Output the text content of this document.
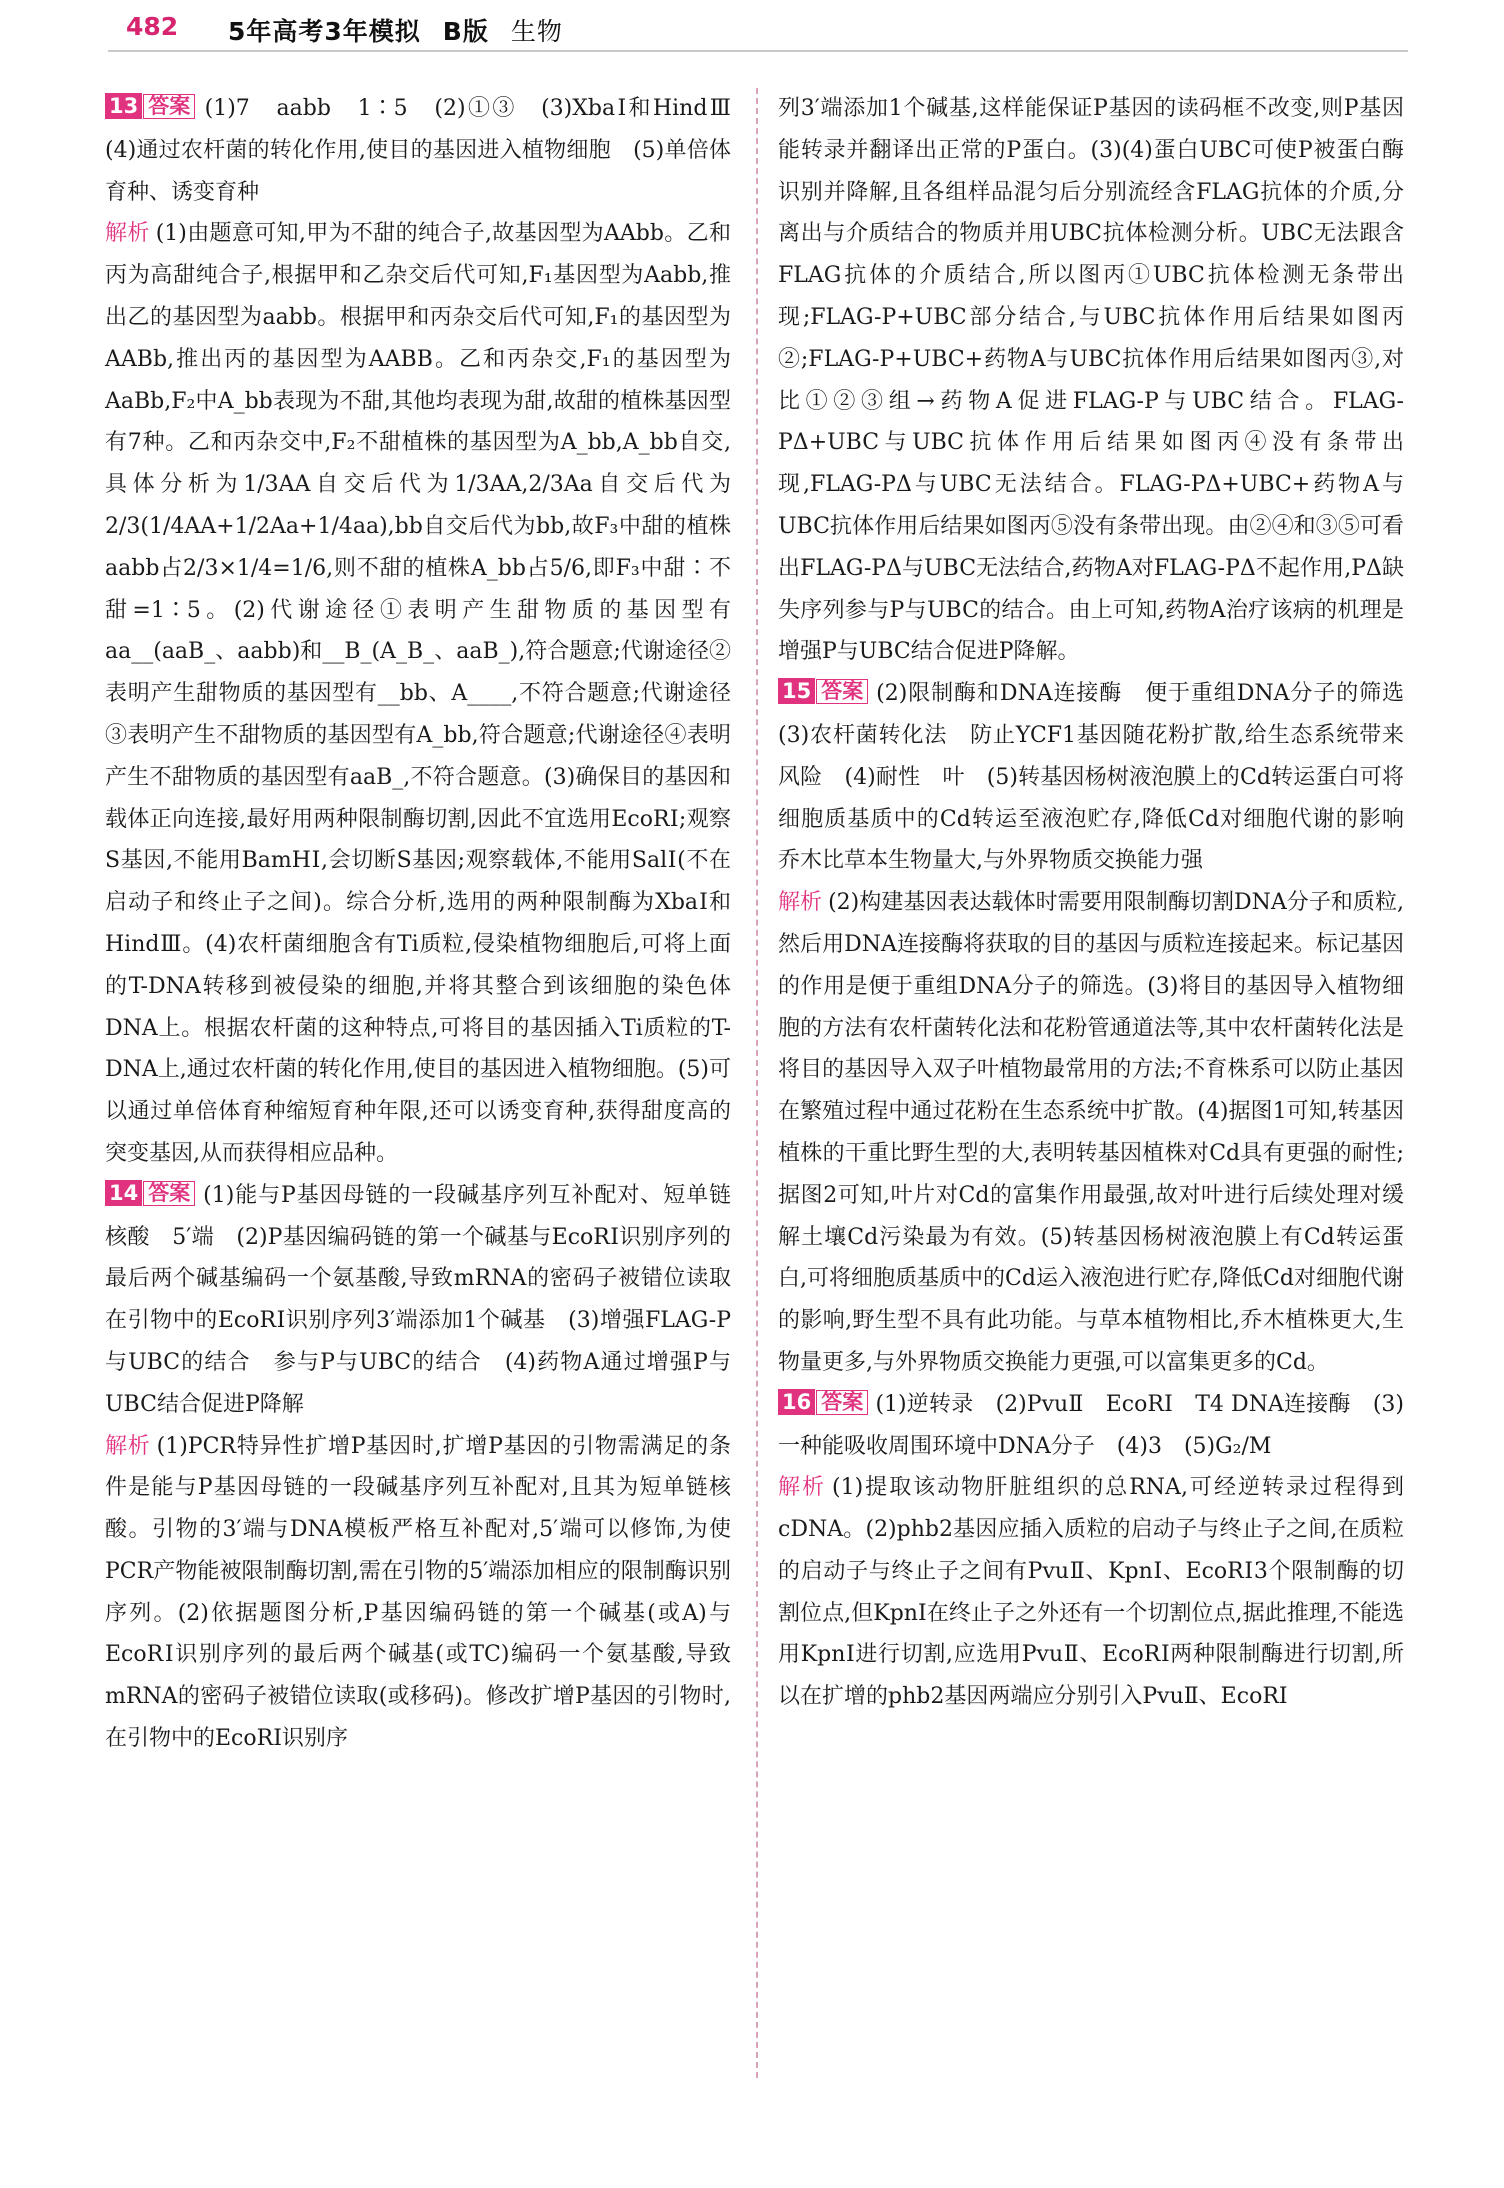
482 5年高考3年模拟 B版 生物

13 答案 (1)7　aabb　1∶5　(2)①③　(3)XbaⅠ和HindⅢ　(4)通过农杆菌的转化作用,使目的基因进入植物细胞　(5)单倍体育种、诱变育种

解析 (1)由题意可知,甲为不甜的纯合子,故基因型为AAbb。乙和丙为高甜纯合子,根据甲和乙杂交后代可知,F₁基因型为Aabb,推出乙的基因型为aabb。根据甲和丙杂交后代可知,F₁的基因型为AABb,推出丙的基因型为AABB。乙和丙杂交,F₁的基因型为AaBb,F₂中A_bb表现为不甜,其他均表现为甜,故甜的植株基因型有7种。乙和丙杂交中,F₂不甜植株的基因型为A_bb,A_bb自交,具体分析为1/3AA自交后代为1/3AA,2/3Aa自交后代为2/3(1/4AA+1/2Aa+1/4aa),bb自交后代为bb,故F₃中甜的植株aabb占2/3×1/4=1/6,则不甜的植株A_bb占5/6,即F₃中甜∶不甜=1∶5。(2)代谢途径①表明产生甜物质的基因型有aa__(aaB_、aabb)和__B_(A_B_、aaB_),符合题意;代谢途径②表明产生甜物质的基因型有__bb、A____,不符合题意;代谢途径③表明产生不甜物质的基因型有A_bb,符合题意;代谢途径④表明产生不甜物质的基因型有aaB_,不符合题意。(3)确保目的基因和载体正向连接,最好用两种限制酶切割,因此不宜选用EcoRⅠ;观察S基因,不能用BamHⅠ,会切断S基因;观察载体,不能用SalⅠ(不在启动子和终止子之间)。综合分析,选用的两种限制酶为XbaⅠ和HindⅢ。(4)农杆菌细胞含有Ti质粒,侵染植物细胞后,可将上面的T-DNA转移到被侵染的细胞,并将其整合到该细胞的染色体DNA上。根据农杆菌的这种特点,可将目的基因插入Ti质粒的T-DNA上,通过农杆菌的转化作用,使目的基因进入植物细胞。(5)可以通过单倍体育种缩短育种年限,还可以诱变育种,获得甜度高的突变基因,从而获得相应品种。

14 答案 (1)能与P基因母链的一段碱基序列互补配对、短单链核酸　5′端　(2)P基因编码链的第一个碱基与EcoRⅠ识别序列的最后两个碱基编码一个氨基酸,导致mRNA的密码子被错位读取　在引物中的EcoRⅠ识别序列3′端添加1个碱基　(3)增强FLAG-P与UBC的结合　参与P与UBC的结合　(4)药物A通过增强P与UBC结合促进P降解

解析 (1)PCR特异性扩增P基因时,扩增P基因的引物需满足的条件是能与P基因母链的一段碱基序列互补配对,且其为短单链核酸。引物的3′端与DNA模板严格互补配对,5′端可以修饰,为使PCR产物能被限制酶切割,需在引物的5′端添加相应的限制酶识别序列。(2)依据题图分析,P基因编码链的第一个碱基(或A)与EcoRⅠ识别序列的最后两个碱基(或TC)编码一个氨基酸,导致mRNA的密码子被错位读取(或移码)。修改扩增P基因的引物时,在引物中的EcoRⅠ识别序

列3′端添加1个碱基,这样能保证P基因的读码框不改变,则P基因能转录并翻译出正常的P蛋白。(3)(4)蛋白UBC可使P被蛋白酶识别并降解,且各组样品混匀后分别流经含FLAG抗体的介质,分离出与介质结合的物质并用UBC抗体检测分析。UBC无法跟含FLAG抗体的介质结合,所以图丙①UBC抗体检测无条带出现;FLAG-P+UBC部分结合,与UBC抗体作用后结果如图丙②;FLAG-P+UBC+药物A与UBC抗体作用后结果如图丙③,对比①②③组→药物A促进FLAG-P与UBC结合。FLAG-PΔ+UBC与UBC抗体作用后结果如图丙④没有条带出现,FLAG-PΔ与UBC无法结合。FLAG-PΔ+UBC+药物A与UBC抗体作用后结果如图丙⑤没有条带出现。由②④和③⑤可看出FLAG-PΔ与UBC无法结合,药物A对FLAG-PΔ不起作用,PΔ缺失序列参与P与UBC的结合。由上可知,药物A治疗该病的机理是增强P与UBC结合促进P降解。

15 答案 (2)限制酶和DNA连接酶　便于重组DNA分子的筛选　(3)农杆菌转化法　防止YCF1基因随花粉扩散,给生态系统带来风险　(4)耐性　叶　(5)转基因杨树液泡膜上的Cd转运蛋白可将细胞质基质中的Cd转运至液泡贮存,降低Cd对细胞代谢的影响　乔木比草本生物量大,与外界物质交换能力强

解析 (2)构建基因表达载体时需要用限制酶切割DNA分子和质粒,然后用DNA连接酶将获取的目的基因与质粒连接起来。标记基因的作用是便于重组DNA分子的筛选。(3)将目的基因导入植物细胞的方法有农杆菌转化法和花粉管通道法等,其中农杆菌转化法是将目的基因导入双子叶植物最常用的方法;不育株系可以防止基因在繁殖过程中通过花粉在生态系统中扩散。(4)据图1可知,转基因植株的干重比野生型的大,表明转基因植株对Cd具有更强的耐性;据图2可知,叶片对Cd的富集作用最强,故对叶进行后续处理对缓解土壤Cd污染最为有效。(5)转基因杨树液泡膜上有Cd转运蛋白,可将细胞质基质中的Cd运入液泡进行贮存,降低Cd对细胞代谢的影响,野生型不具有此功能。与草本植物相比,乔木植株更大,生物量更多,与外界物质交换能力更强,可以富集更多的Cd。

16 答案 (1)逆转录　(2)PvuⅡ　EcoRⅠ　T4 DNA连接酶　(3)一种能吸收周围环境中DNA分子　(4)3　(5)G₂/M

解析 (1)提取该动物肝脏组织的总RNA,可经逆转录过程得到cDNA。(2)phb2基因应插入质粒的启动子与终止子之间,在质粒的启动子与终止子之间有PvuⅡ、KpnⅠ、EcoRⅠ3个限制酶的切割位点,但KpnⅠ在终止子之外还有一个切割位点,据此推理,不能选用KpnⅠ进行切割,应选用PvuⅡ、EcoRⅠ两种限制酶进行切割,所以在扩增的phb2基因两端应分别引入PvuⅡ、EcoRⅠ
